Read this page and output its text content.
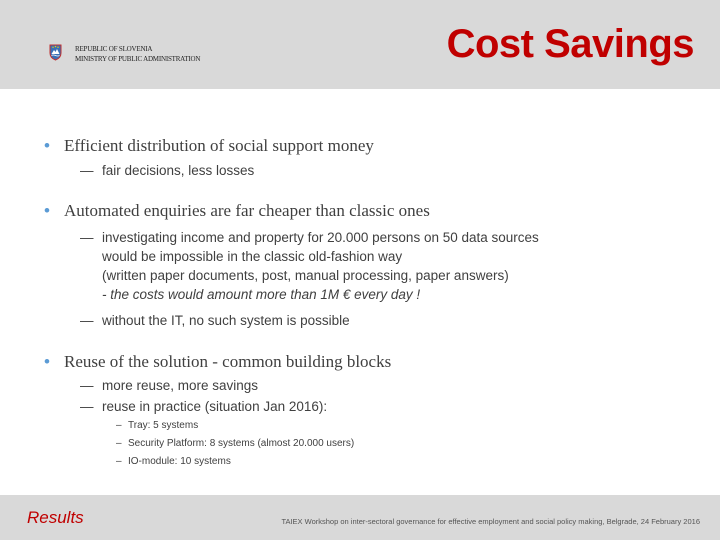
REPUBLIC OF SLOVENIA
MINISTRY OF PUBLIC ADMINISTRATION	Cost Savings
• Efficient distribution of social support money
— fair decisions, less losses
• Automated enquiries are far cheaper than classic ones
— investigating income and property for 20.000 persons on 50 data sources
would be impossible in the classic old-fashion way
(written paper documents, post, manual processing, paper answers)
- the costs would amount more than 1M € every day !
— without the IT, no such system is possible
• Reuse of the solution - common building blocks
— more reuse, more savings
— reuse in practice (situation Jan 2016):
– Tray: 5 systems
– Security Platform: 8 systems (almost 20.000 users)
– IO-module: 10 systems
Results	TAIEX Workshop on inter-sectoral governance for effective employment and social policy making, Belgrade, 24 February 2016
